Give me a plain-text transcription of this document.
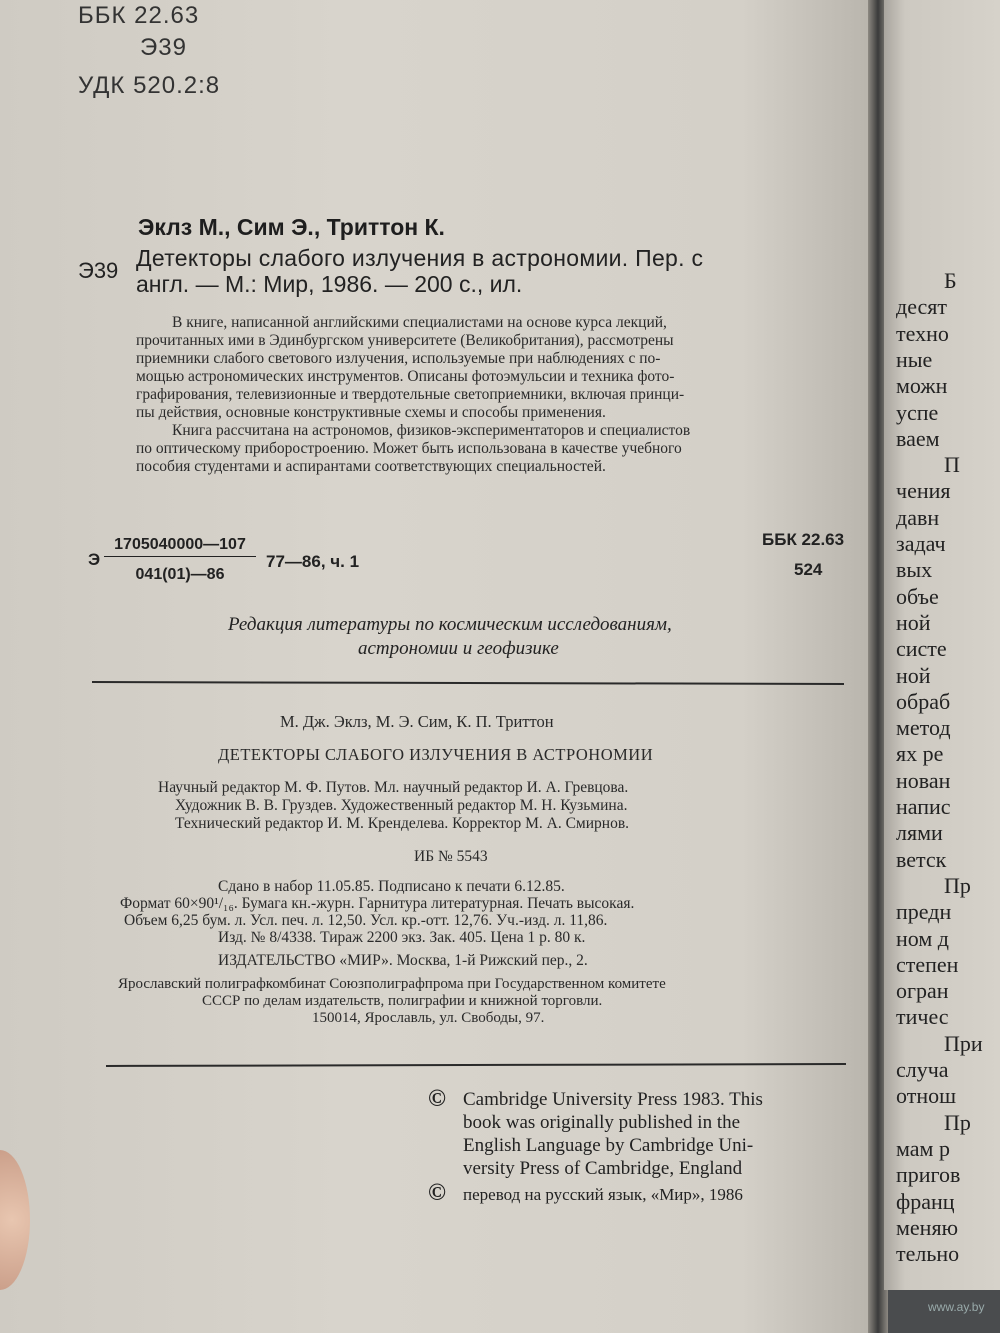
ББК 22.63
Э39
УДК 520.2:8
Эклз М., Сим Э., Триттон К.
Э39 Детекторы слабого излучения в астрономии. Пер. с
англ. — М.: Мир, 1986. — 200 с., ил.
В книге, написанной английскими специалистами на основе курса лекций,
прочитанных ими в Эдинбургском университете (Великобритания), рассмотрены
приемники слабого светового излучения, используемые при наблюдениях с по-
мощью астрономических инструментов. Описаны фотоэмульсии и техника фото-
графирования, телевизионные и твердотельные светоприемники, включая принци-
пы действия, основные конструктивные схемы и способы применения.
Книга рассчитана на астрономов, физиков-экспериментаторов и специалистов
по оптическому приборостроению. Может быть использована в качестве учебного
пособия студентами и аспирантами соответствующих специальностей.
Э
1705040000—107
041(01)—86
77—86, ч. 1
ББК 22.63
524
Редакция литературы по космическим исследованиям,
астрономии и геофизике
М. Дж. Эклз, М. Э. Сим, К. П. Триттон
ДЕТЕКТОРЫ СЛАБОГО ИЗЛУЧЕНИЯ В АСТРОНОМИИ
Научный редактор М. Ф. Путов. Мл. научный редактор И. А. Гревцова.
Художник В. В. Груздев. Художественный редактор М. Н. Кузьмина.
Технический редактор И. М. Кренделева. Корректор М. А. Смирнов.
ИБ № 5543
Сдано в набор 11.05.85. Подписано к печати 6.12.85.
Формат 60×90¹/₁₆. Бумага кн.-журн. Гарнитура литературная. Печать высокая.
Объем 6,25 бум. л. Усл. печ. л. 12,50. Усл. кр.-отт. 12,76. Уч.-изд. л. 11,86.
Изд. № 8/4338. Тираж 2200 экз. Зак. 405. Цена 1 р. 80 к.
ИЗДАТЕЛЬСТВО «МИР». Москва, 1-й Рижский пер., 2.
Ярославский полиграфкомбинат Союзполиграфпрома при Государственном комитете
СССР по делам издательств, полиграфии и книжной торговли.
150014, Ярославль, ул. Свободы, 97.
© Cambridge University Press 1983. This
book was originally published in the
English Language by Cambridge Uni-
versity Press of Cambridge, England
© перевод на русский язык, «Мир», 1986
Б
десят
техно
ные
можн
успе
ваем
П
чения
давн
задач
вых
объе
ной
систе
ной
обраб
метод
ях ре
нован
напис
лями
ветск
Пр
предн
ном д
степен
огран
тичес
При
случа
отнош
Пр
мам р
пригов
франц
меняю
тельно
www.ay.by
